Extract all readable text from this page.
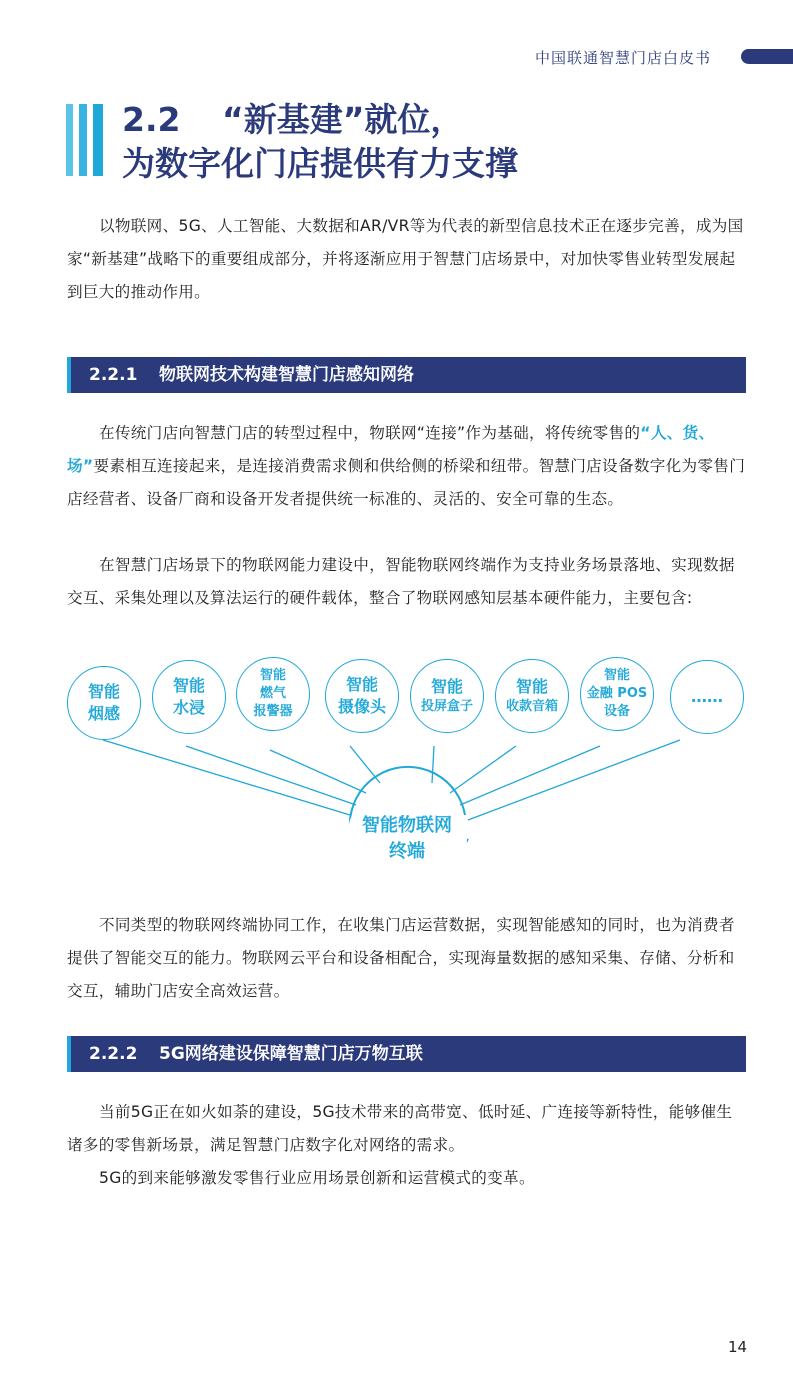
中国联通智慧门店白皮书
2.2 “新基建”就位，
为数字化门店提供有力支撑

以物联网、5G、人工智能、大数据和AR/VR等为代表的新型信息技术正在逐步完善，成为国家“新基建”战略下的重要组成部分，并将逐渐应用于智慧门店场景中，对加快零售业转型发展起到巨大的推动作用。

2.2.1 物联网技术构建智慧门店感知网络

在传统门店向智慧门店的转型过程中，物联网“连接”作为基础，将传统零售的“人、货、场”要素相互连接起来，是连接消费需求侧和供给侧的桥梁和纽带。智慧门店设备数字化为零售门店经营者、设备厂商和设备开发者提供统一标准的、灵活的、安全可靠的生态。

在智慧门店场景下的物联网能力建设中，智能物联网终端作为支持业务场景落地、实现数据交互、采集处理以及算法运行的硬件载体，整合了物联网感知层基本硬件能力，主要包含:

智能
烟感
智能
水浸
智能
燃气
报警器
智能
摄像头
智能
投屏盒子
智能
收款音箱
智能
金融 POS
设备
……
智能物联网
终端

不同类型的物联网终端协同工作，在收集门店运营数据，实现智能感知的同时，也为消费者提供了智能交互的能力。物联网云平台和设备相配合，实现海量数据的感知采集、存储、分析和交互，辅助门店安全高效运营。

2.2.2 5G网络建设保障智慧门店万物互联

当前5G正在如火如荼的建设，5G技术带来的高带宽、低时延、广连接等新特性，能够催生诸多的零售新场景，满足智慧门店数字化对网络的需求。

5G的到来能够激发零售行业应用场景创新和运营模式的变革。

14
